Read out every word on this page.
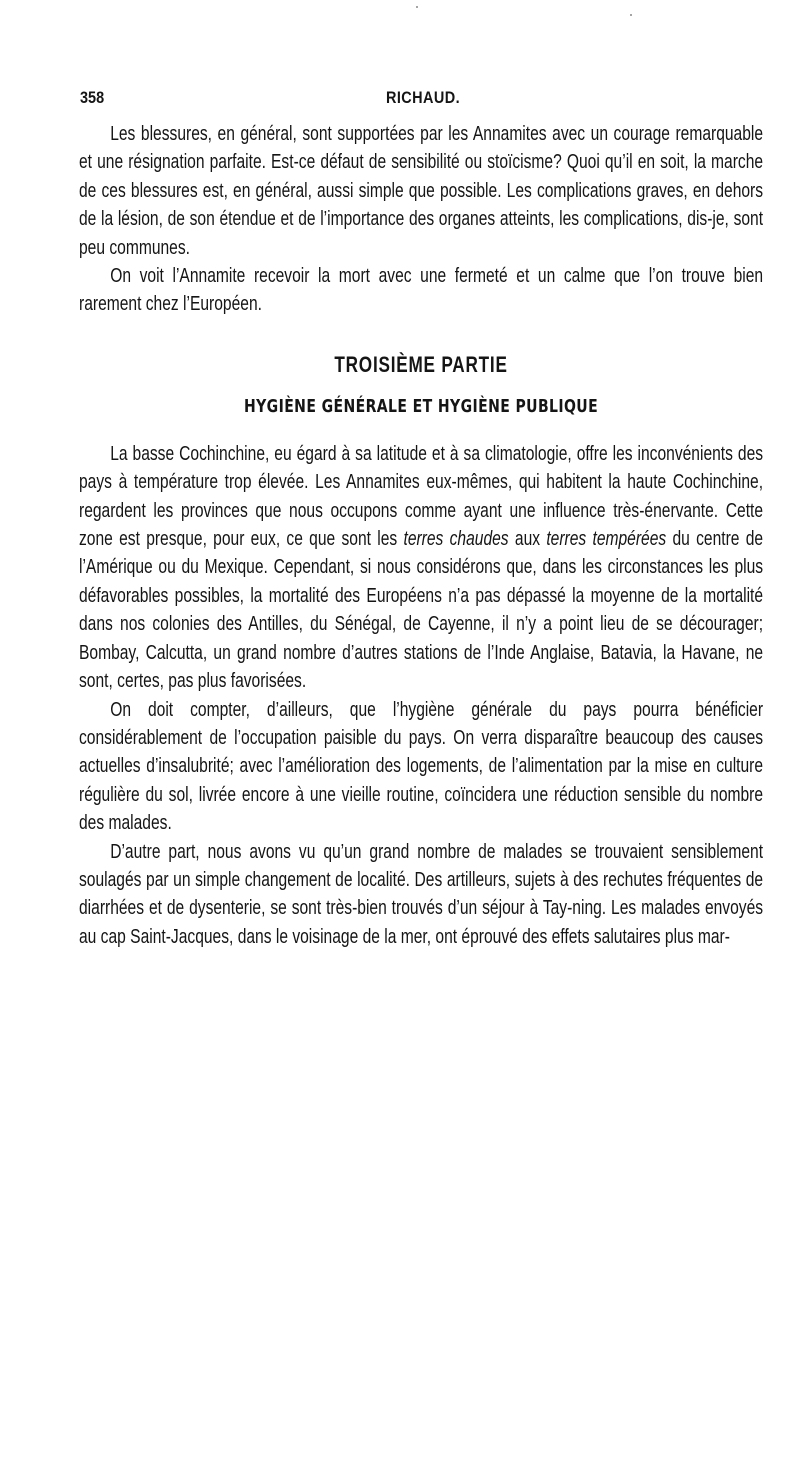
358	RICHAUD.

Les blessures, en général, sont supportées par les Annamites avec un courage remarquable et une résignation parfaite. Est-ce défaut de sensibilité ou stoïcisme? Quoi qu’il en soit, la marche de ces blessures est, en général, aussi simple que possible. Les complications graves, en dehors de la lésion, de son étendue et de l’importance des organes atteints, les complications, dis-je, sont peu communes.

On voit l’Annamite recevoir la mort avec une fermeté et un calme que l’on trouve bien rarement chez l’Européen.

TROISIÈME PARTIE
HYGIÈNE GÉNÉRALE ET HYGIÈNE PUBLIQUE

La basse Cochinchine, eu égard à sa latitude et à sa climatologie, offre les inconvénients des pays à température trop élevée. Les Annamites eux-mêmes, qui habitent la haute Cochinchine, regardent les provinces que nous occupons comme ayant une influence très-énervante. Cette zone est presque, pour eux, ce que sont les terres chaudes aux terres tempérées du centre de l’Amérique ou du Mexique. Cependant, si nous considérons que, dans les circonstances les plus défavorables possibles, la mortalité des Européens n’a pas dépassé la moyenne de la mortalité dans nos colonies des Antilles, du Sénégal, de Cayenne, il n’y a point lieu de se décourager; Bombay, Calcutta, un grand nombre d’autres stations de l’Inde Anglaise, Batavia, la Havane, ne sont, certes, pas plus favorisées.

On doit compter, d’ailleurs, que l’hygiène générale du pays pourra bénéficier considérablement de l’occupation paisible du pays. On verra disparaître beaucoup des causes actuelles d’insalubrité; avec l’amélioration des logements, de l’alimentation par la mise en culture régulière du sol, livrée encore à une vieille routine, coïncidera une réduction sensible du nombre des malades.

D’autre part, nous avons vu qu’un grand nombre de malades se trouvaient sensiblement soulagés par un simple changement de localité. Des artilleurs, sujets à des rechutes fréquentes de diarrhées et de dysenterie, se sont très-bien trouvés d’un séjour à Tay-ning. Les malades envoyés au cap Saint-Jacques, dans le voisinage de la mer, ont éprouvé des effets salutaires plus mar-
